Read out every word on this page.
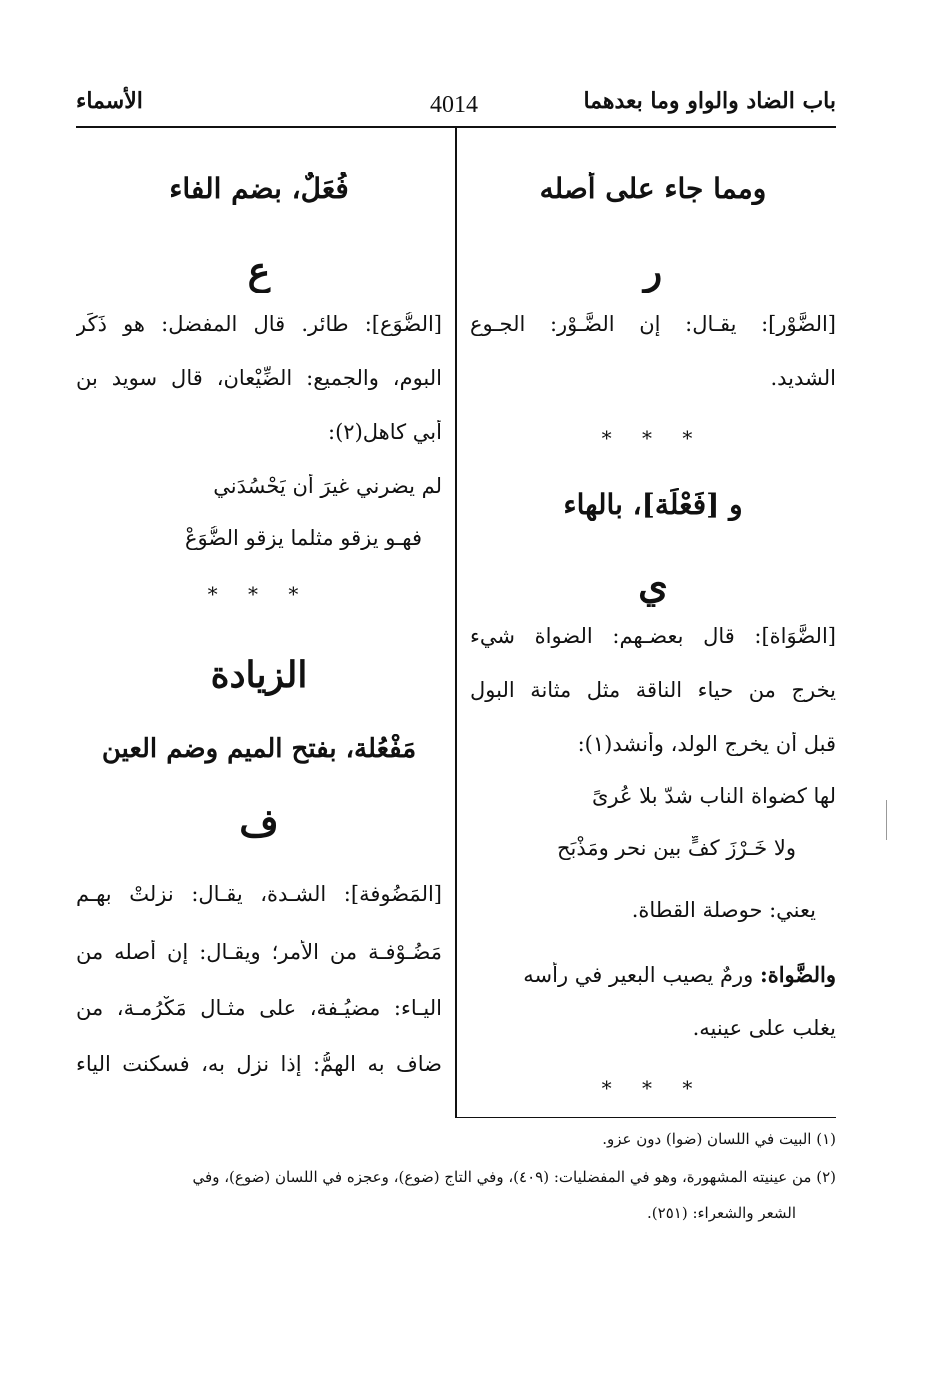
باب الضاد والواو وما بعدهما
4014
الأسماء
ومما جاء على أصله
ر
[الضَّوْر]: يقـال: إن الضَّـوْر: الجـوع
الشديد.
* * *
و [فَعْلَة]، بالهاء
ي
[الضَّوَاة]: قال بعضـهم: الضواة شيء
يخرج من حياء الناقة مثل مثانة البول
قبل أن يخرج الولد، وأنشد(١):
لها كضواة الناب شدّ بلا عُرىً
ولا خَـرْزَ كفٍّ بين نحرٍ ومَذْبَحِ
يعني: حوصلة القطاة.
والضَّواة: ورمٌ يصيب البعير في رأسه
يغلب على عينيه.
* * *
فُعَلٌ، بضم الفاء
ع
[الضُّوَع]: طائر. قال المفضل: هو ذَكَر
البوم، والجميع: الضِّيْعان، قال سويد بن
أبي كاهل(٢):
لم يضرني غيرَ أن يَحْسُدَني
فهـو يزقو مثلما يزقو الضُّوَعْ
* * *
الزيادة
مَفْعُلة، بفتح الميم وضم العين
ف
[المَضُوفة]: الشـدة، يقـال: نزلتْ بهـم
مَضُـوْفـة من الأمر؛ ويقـال: إن أصله من
اليـاء: مضيُـفة، على مثـال مَكْرُمـة، من
ضاف به الهمُّ: إذا نزل به، فسكنت الياء
(١) البيت في اللسان (ضوا) دون عزو.
(٢) من عينيته المشهورة، وهو في المفضليات: (٤٠٩)، وفي التاج (ضوع)، وعجزه في اللسان (ضوع)، وفي
الشعر والشعراء: (٢٥١).
